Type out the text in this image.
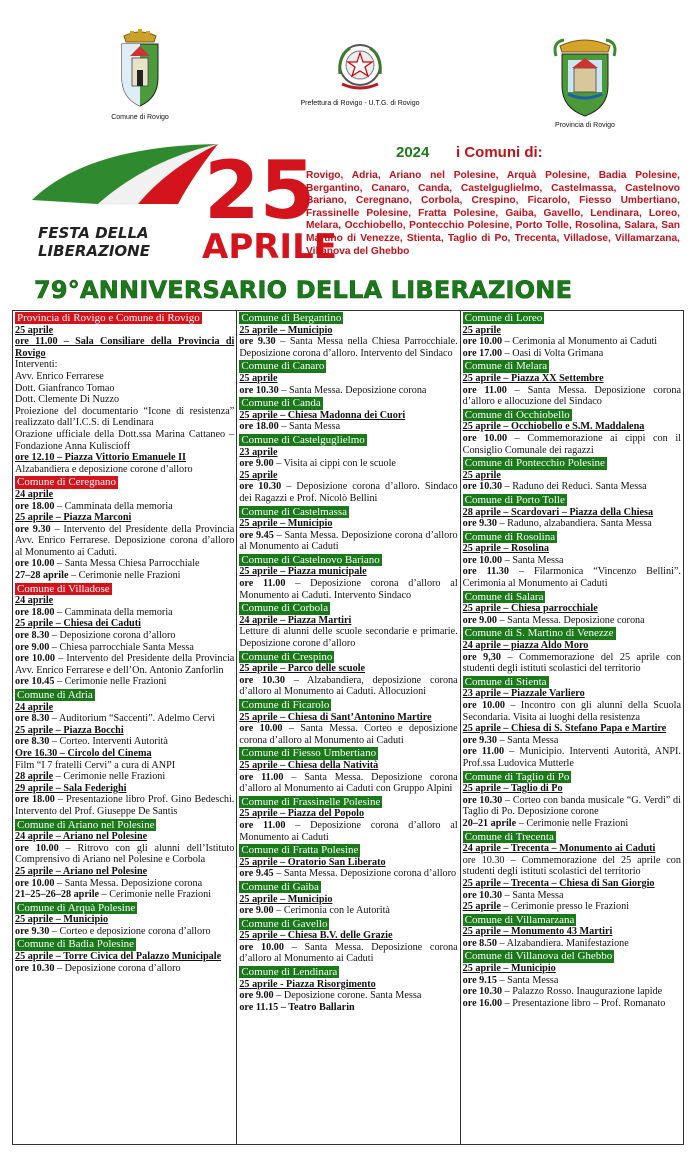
Comune di Rovigo
Prefettura di Rovigo - U.T.G. di Rovigo
Provincia di Rovigo
25
APRILE
FESTA DELLA
LIBERAZIONE
2024 i Comuni di:
Rovigo, Adria, Ariano nel Polesine, Arquà Polesine, Badia Polesine, Bergantino, Canaro, Canda, Castelguglielmo, Castelmassa, Castelnovo Bariano, Ceregnano, Corbola, Crespino, Ficarolo, Fiesso Umbertiano, Frassinelle Polesine, Fratta Polesine, Gaiba, Gavello, Lendinara, Loreo, Melara, Occhiobello, Pontecchio Polesine, Porto Tolle, Rosolina, Salara, San Martino di Venezze, Stienta, Taglio di Po, Trecenta, Villadose, Villamarzana, Villanova del Ghebbo
79°ANNIVERSARIO DELLA LIBERAZIONE
Provincia di Rovigo e Comune di Rovigo

25 aprile

ore 11.00 – Sala Consiliare della Provincia di Rovigo

Interventi:

Avv. Enrico Ferrarese

Dott. Gianfranco Tomao

Dott. Clemente Di Nuzzo

Proiezione del documentario “Icone di resistenza” realizzato dall’I.C.S. di Lendinara

Orazione ufficiale della Dott.ssa Marina Cattaneo – Fondazione Anna Kuliscioff

ore 12.10 – Piazza Vittorio Emanuele II

Alzabandiera e deposizione corone d’alloro

Comune di Ceregnano

24 aprile

ore 18.00 – Camminata della memoria

25 aprile – Piazza Marconi

ore 9.30 – Intervento del Presidente della Provincia Avv. Enrico Ferrarese. Deposizione corona d’alloro al Monumento ai Caduti.

ore 10.00 – Santa Messa Chiesa Parrocchiale

27–28 aprile – Cerimonie nelle Frazioni

Comune di Villadose

24 aprile

ore 18.00 – Camminata della memoria

25 aprile – Chiesa dei Caduti

ore 8.30 – Deposizione corona d’alloro

ore 9.00 – Chiesa parrocchiale Santa Messa

ore 10.00 – Intervento del Presidente della Provincia Avv. Enrico Ferrarese e dell’On. Antonio Zanforlin

ore 10.45 – Cerimonie nelle Frazioni

Comune di Adria

24 aprile

ore 8.30 – Auditorium “Saccenti”. Adelmo Cervi

25 aprile – Piazza Bocchi

ore 8.30 – Corteo. Interventi Autorità

Ore 16.30 – Circolo del Cinema

Film “I 7 fratelli Cervi” a cura di ANPI

28 aprile – Cerimonie nelle Frazioni

29 aprile – Sala Federighi

ore 18.00 – Presentazione libro Prof. Gino Bedeschi. Intervento del Prof. Giuseppe De Santis

Comune di Ariano nel Polesine

24 aprile – Ariano nel Polesine

ore 10.00 – Ritrovo con gli alunni dell’Istituto Comprensivo di Ariano nel Polesine e Corbola

25 aprile – Ariano nel Polesine

ore 10.00 – Santa Messa. Deposizione corona

21–25–26–28 aprile – Cerimonie nelle Frazioni

Comune di Arquà Polesine

25 aprile – Municipio

ore 9.30 – Corteo e deposizione corona d’alloro

Comune di Badia Polesine

25 aprile – Torre Civica del Palazzo Municipale

ore 10.30 – Deposizione corona d’alloro

Comune di Bergantino

25 aprile – Municipio

ore 9.30 – Santa Messa nella Chiesa Parrocchiale. Deposizione corona d’alloro. Intervento del Sindaco

Comune di Canaro

25 aprile

ore 10.30 – Santa Messa. Deposizione corona

Comune di Canda

25 aprile – Chiesa Madonna dei Cuori

ore 18.00 – Santa Messa

Comune di Castelguglielmo

23 aprile

ore 9.00 – Visita ai cippi con le scuole

25 aprile

ore 10.30 – Deposizione corona d’alloro. Sindaco dei Ragazzi e Prof. Nicolò Bellini

Comune di Castelmassa

25 aprile – Municipio

ore 9.45 – Santa Messa. Deposizione corona d’alloro al Monumento ai Caduti

Comune di Castelnovo Bariano

25 aprile – Piazza municipale

ore 11.00 – Deposizione corona d’alloro al Monumento ai Caduti. Intervento Sindaco

Comune di Corbola

24 aprile – Piazza Martiri

Letture di alunni delle scuole secondarie e primarie. Deposizione corone d’alloro

Comune di Crespino

25 aprile – Parco delle scuole

ore 10.30 – Alzabandiera, deposizione corona d’alloro al Monumento ai Caduti. Allocuzioni

Comune di Ficarolo

25 aprile – Chiesa di Sant’Antonino Martire

ore 10.00 – Santa Messa. Corteo e deposizione corona d’alloro al Monumento ai Caduti

Comune di Fiesso Umbertiano

25 aprile – Chiesa della Natività

ore 11.00 – Santa Messa. Deposizione corona d’alloro al Monumento ai Caduti con Gruppo Alpini

Comune di Frassinelle Polesine

25 aprile – Piazza del Popolo

ore 11.00 – Deposizione corona d’alloro al Monumento ai Caduti

Comune di Fratta Polesine

25 aprile – Oratorio San Liberato

ore 9.45 – Santa Messa. Deposizione corona d’alloro

Comune di Gaiba

25 aprile – Municipio

ore 9.00 – Cerimonia con le Autorità

Comune di Gavello

25 aprile – Chiesa B.V. delle Grazie

ore 10.00 – Santa Messa. Deposizione corona d’alloro al Monumento ai Caduti

Comune di Lendinara

25 aprile - Piazza Risorgimento

ore 9.00 – Deposizione corone. Santa Messa

ore 11.15 – Teatro Ballarin

Comune di Loreo

25 aprile

ore 10.00 – Cerimonia al Monumento ai Caduti

ore 17.00 – Oasi di Volta Grimana

Comune di Melara

25 aprile – Piazza XX Settembre

ore 11.00 – Santa Messa. Deposizione corona d’alloro e allocuzione del Sindaco

Comune di Occhiobello

25 aprile – Occhiobello e S.M. Maddalena

ore 10.00 – Commemorazione ai cippi con il Consiglio Comunale dei ragazzi

Comune di Pontecchio Polesine

25 aprile

ore 10.30 – Raduno dei Reduci. Santa Messa

Comune di Porto Tolle

28 aprile – Scardovari – Piazza della Chiesa

ore 9.30 – Raduno, alzabandiera. Santa Messa

Comune di Rosolina

25 aprile – Rosolina

ore 10.00 – Santa Messa

ore 11.30 – Filarmonica “Vincenzo Bellini”. Cerimonia al Monumento ai Caduti

Comune di Salara

25 aprile – Chiesa parrocchiale

ore 9.00 – Santa Messa. Deposizione corona

Comune di S. Martino di Venezze

24 aprile – piazza Aldo Moro

ore 9,30 – Commemorazione del 25 aprile con studenti degli istituti scolastici del territorio

Comune di Stienta

23 aprile – Piazzale Varliero

ore 10.00 – Incontro con gli alunni della Scuola Secondaria. Visita ai luoghi della resistenza

25 aprile – Chiesa di S. Stefano Papa e Martire

ore 9.30 – Santa Messa

ore 11.00 – Municipio. Interventi Autorità, ANPI. Prof.ssa Ludovica Mutterle

Comune di Taglio di Po

25 aprile – Taglio di Po

ore 10.30 – Corteo con banda musicale “G. Verdi” di Taglio di Po. Deposizione corone

20–21 aprile – Cerimonie nelle Frazioni

Comune di Trecenta

24 aprile – Trecenta – Monumento ai Caduti

ore 10.30 – Commemorazione del 25 aprile con studenti degli istituti scolastici del territorio

25 aprile – Trecenta – Chiesa di San Giorgio

ore 10.30 – Santa Messa

25 aprile – Cerimonie presso le Frazioni

Comune di Villamarzana

25 aprile – Monumento 43 Martiri

ore 8.50 – Alzabandiera. Manifestazione

Comune di Villanova del Ghebbo

25 aprile – Municipio

ore 9.15 – Santa Messa

ore 10.30 – Palazzo Rosso. Inaugurazione lapide

ore 16.00 – Presentazione libro – Prof. Romanato
